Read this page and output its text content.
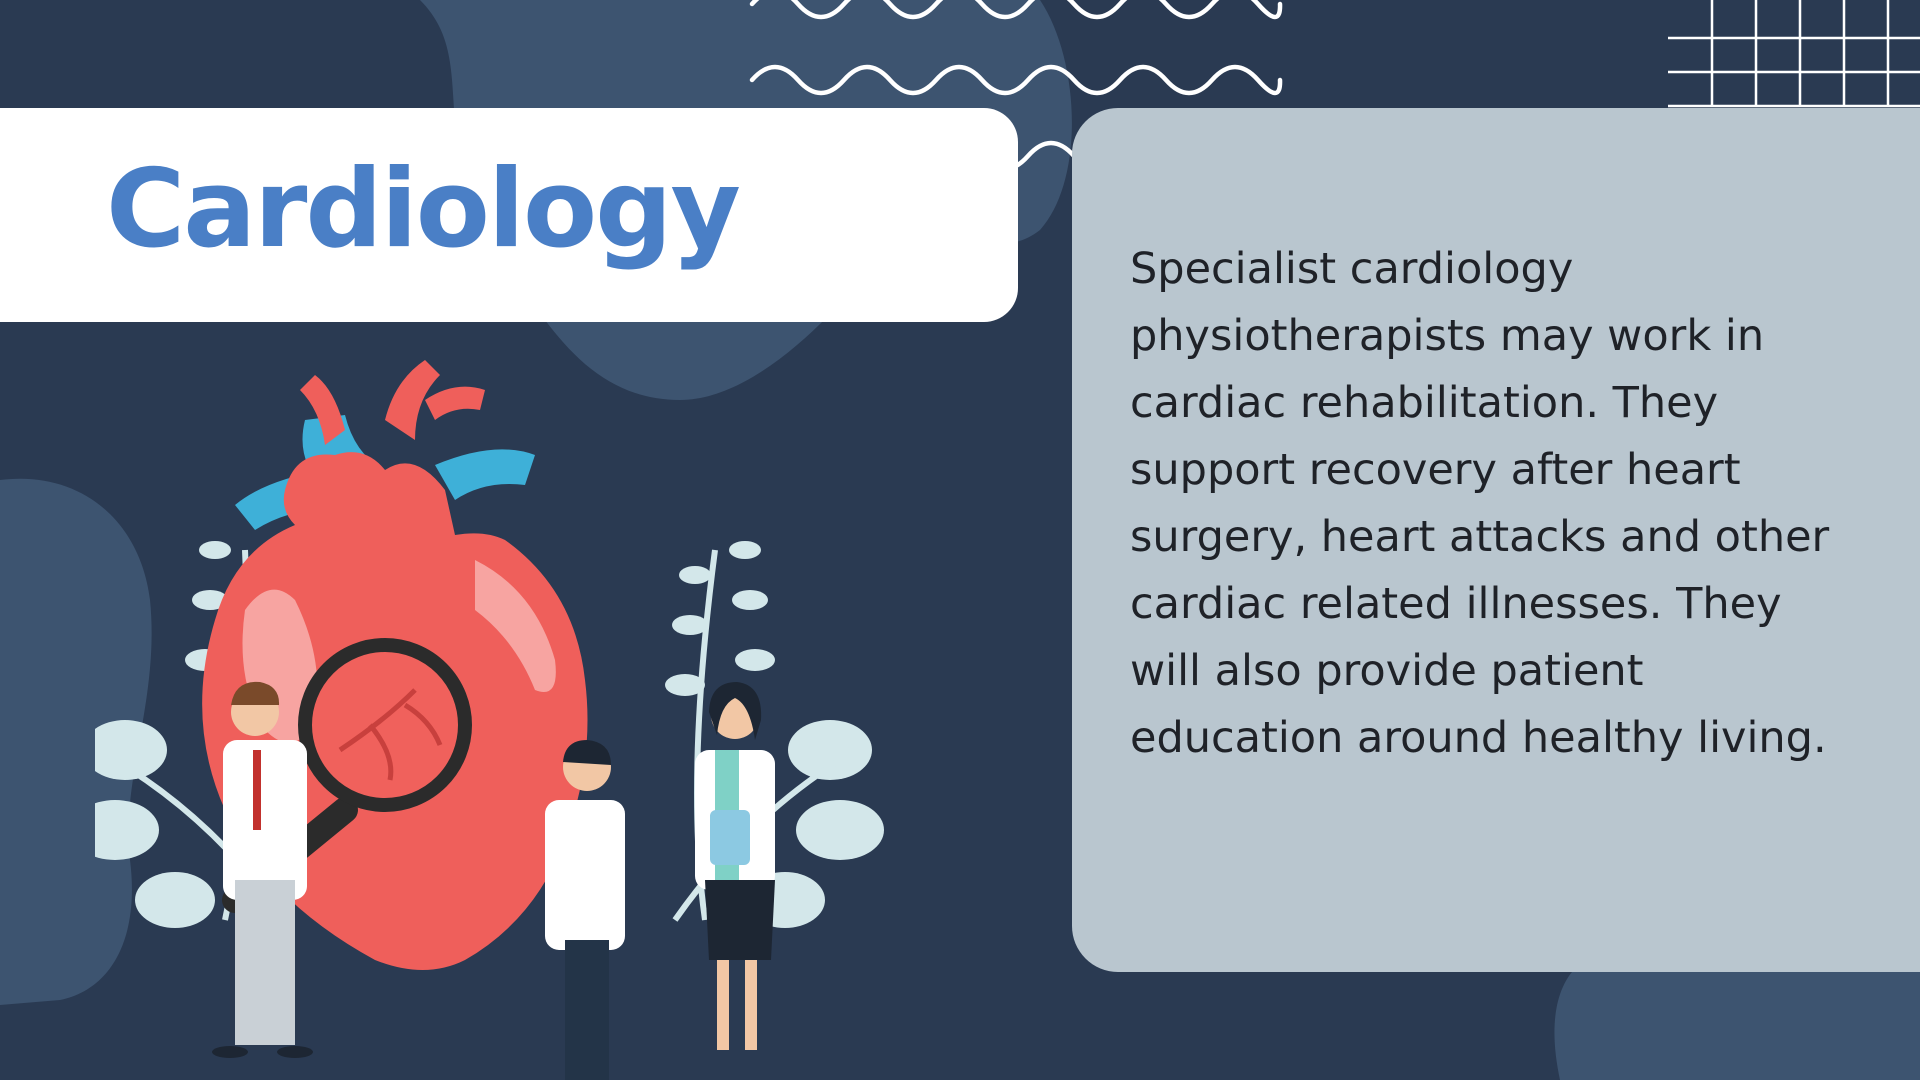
Cardiology	Specialist cardiology physiotherapists may work in cardiac rehabilitation. They support recovery after heart surgery, heart attacks and other cardiac related illnesses. They will also provide patient education around healthy living.
